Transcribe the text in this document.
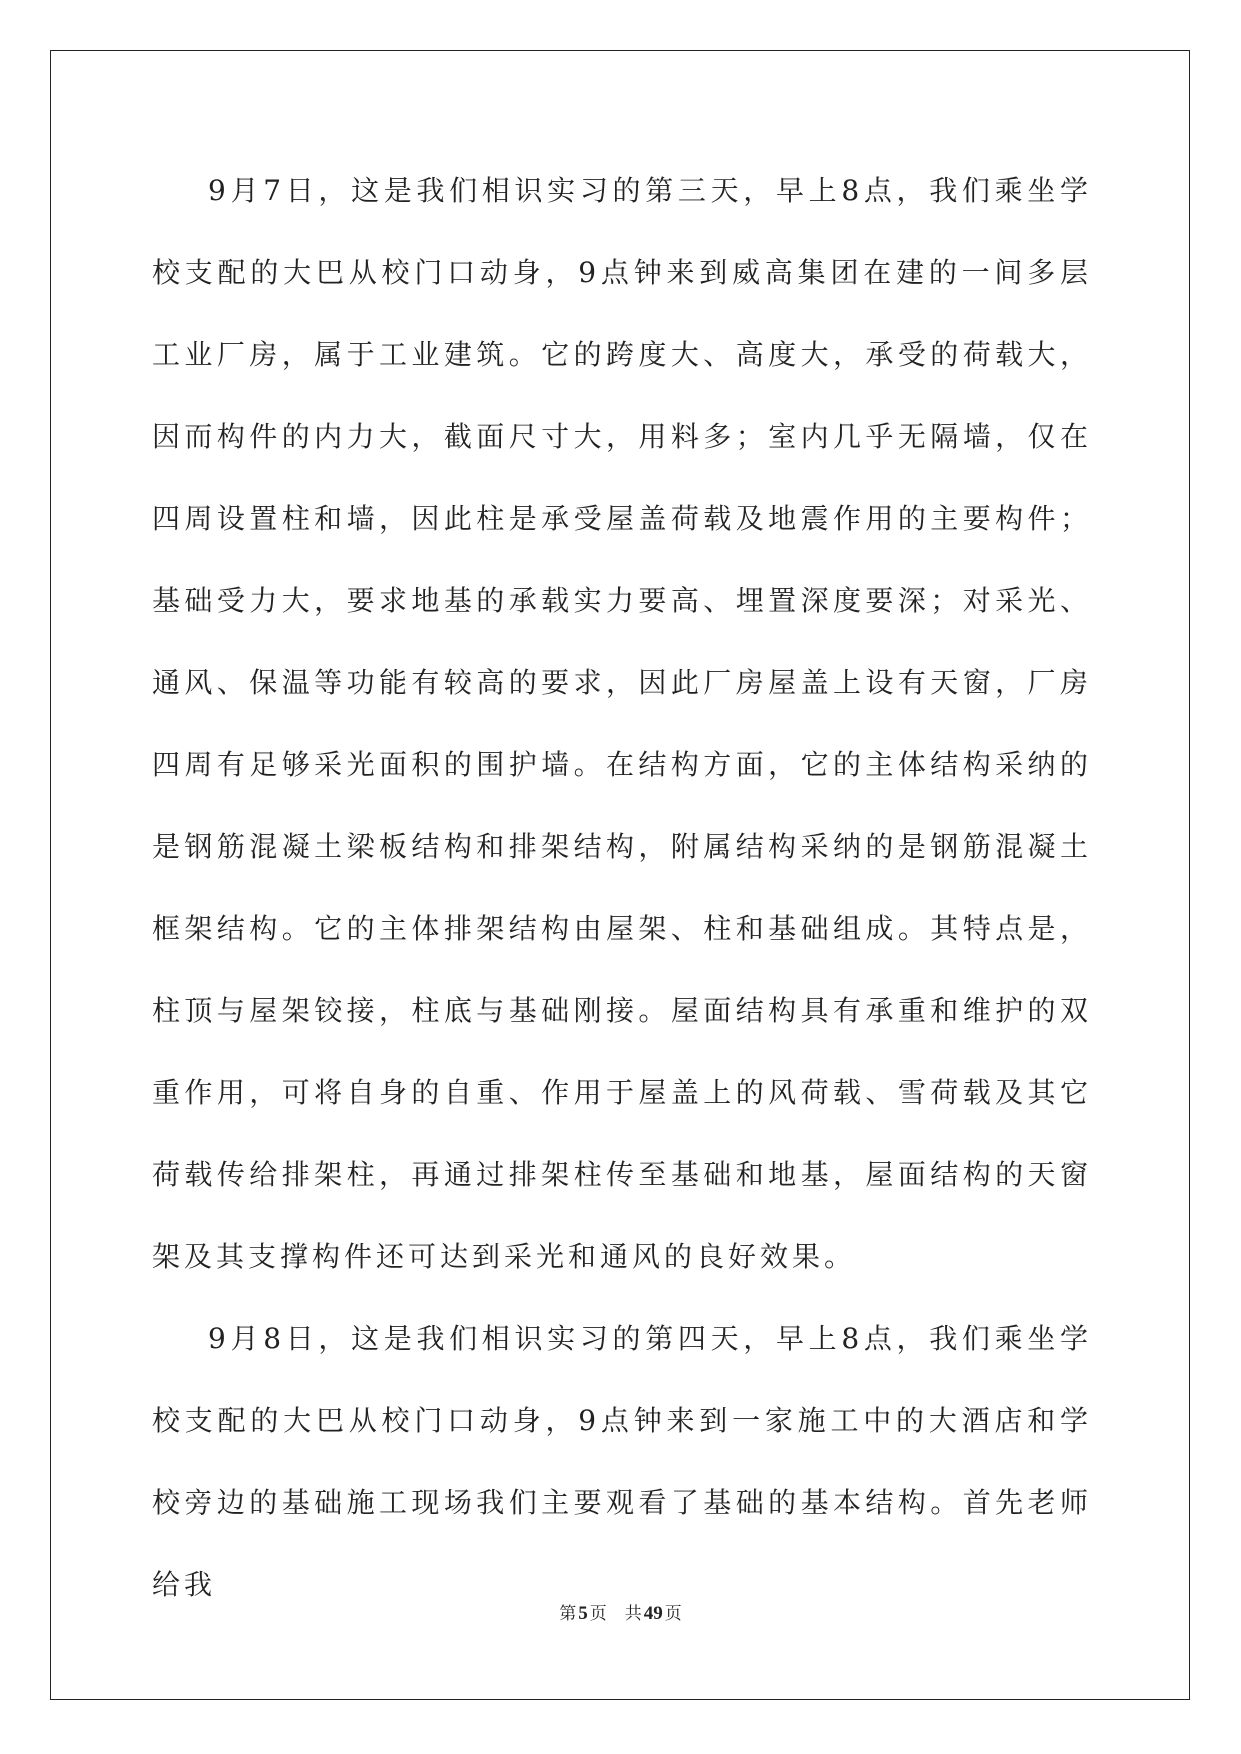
9月7日，这是我们相识实习的第三天，早上8点，我们乘坐学校支配的大巴从校门口动身，9点钟来到威高集团在建的一间多层工业厂房，属于工业建筑。它的跨度大、高度大，承受的荷载大，因而构件的内力大，截面尺寸大，用料多；室内几乎无隔墙，仅在四周设置柱和墙，因此柱是承受屋盖荷载及地震作用的主要构件；基础受力大，要求地基的承载实力要高、埋置深度要深；对采光、通风、保温等功能有较高的要求，因此厂房屋盖上设有天窗，厂房四周有足够采光面积的围护墙。在结构方面，它的主体结构采纳的是钢筋混凝土梁板结构和排架结构，附属结构采纳的是钢筋混凝土框架结构。它的主体排架结构由屋架、柱和基础组成。其特点是，柱顶与屋架铰接，柱底与基础刚接。屋面结构具有承重和维护的双重作用，可将自身的自重、作用于屋盖上的风荷载、雪荷载及其它荷载传给排架柱，再通过排架柱传至基础和地基，屋面结构的天窗架及其支撑构件还可达到采光和通风的良好效果。

9月8日，这是我们相识实习的第四天，早上8点，我们乘坐学校支配的大巴从校门口动身，9点钟来到一家施工中的大酒店和学校旁边的基础施工现场我们主要观看了基础的基本结构。首先老师给我

第 5 页 共 49 页
